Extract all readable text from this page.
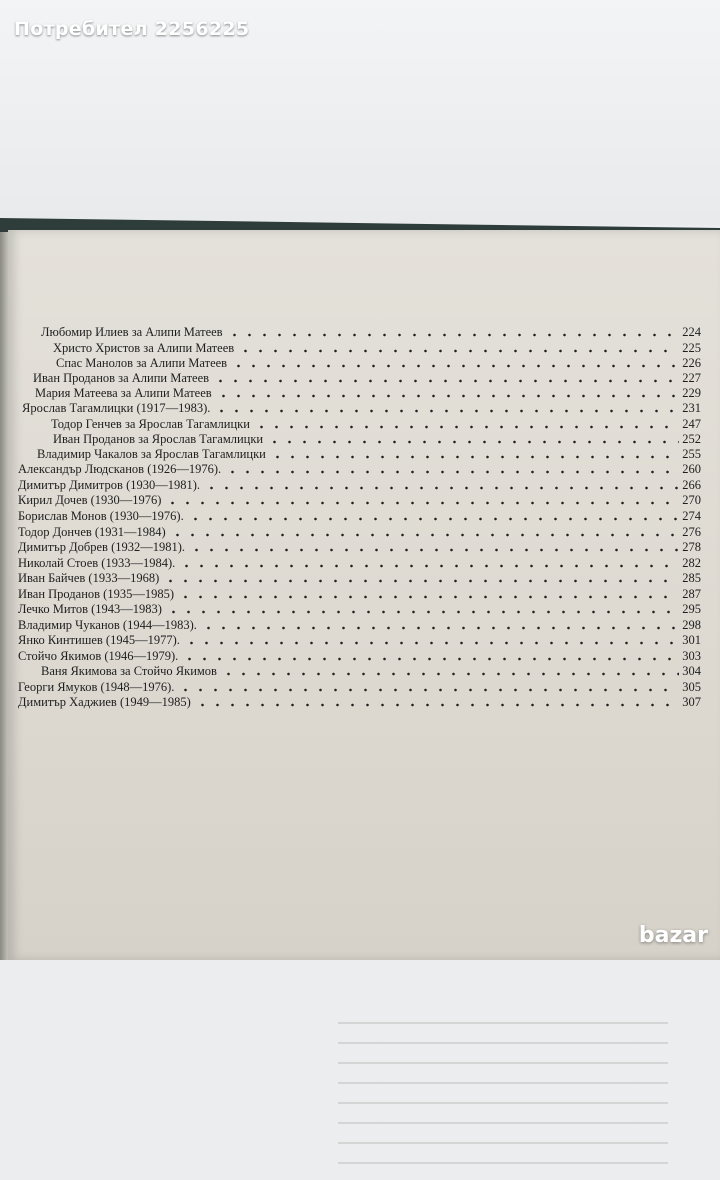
Потребител 2256225
Любомир Илиев за Алипи Матеев	224
Христо Христов за Алипи Матеев	225
Спас Манолов за Алипи Матеев	226
Иван Проданов за Алипи Матеев	227
Мария Матеева за Алипи Матеев	229
Ярослав Тагамлицки (1917—1983).	231
Тодор Генчев за Ярослав Тагамлицки	247
Иван Проданов за Ярослав Тагамлицки	252
Владимир Чакалов за Ярослав Тагамлицки	255
Александър Людсканов (1926—1976).	260
Димитър Димитров (1930—1981).	266
Кирил Дочев (1930—1976)	270
Борислав Монов (1930—1976).	274
Тодор Дончев (1931—1984)	276
Димитър Добрев (1932—1981).	278
Николай Стоев (1933—1984).	282
Иван Байчев (1933—1968)	285
Иван Проданов (1935—1985)	287
Лечко Митов (1943—1983)	295
Владимир Чуканов (1944—1983).	298
Янко Кинтишев (1945—1977).	301
Стойчо Якимов (1946—1979).	303
Ваня Якимова за Стойчо Якимов	304
Георги Ямуков (1948—1976).	305
Димитър Хаджиев (1949—1985)	307
bazar
